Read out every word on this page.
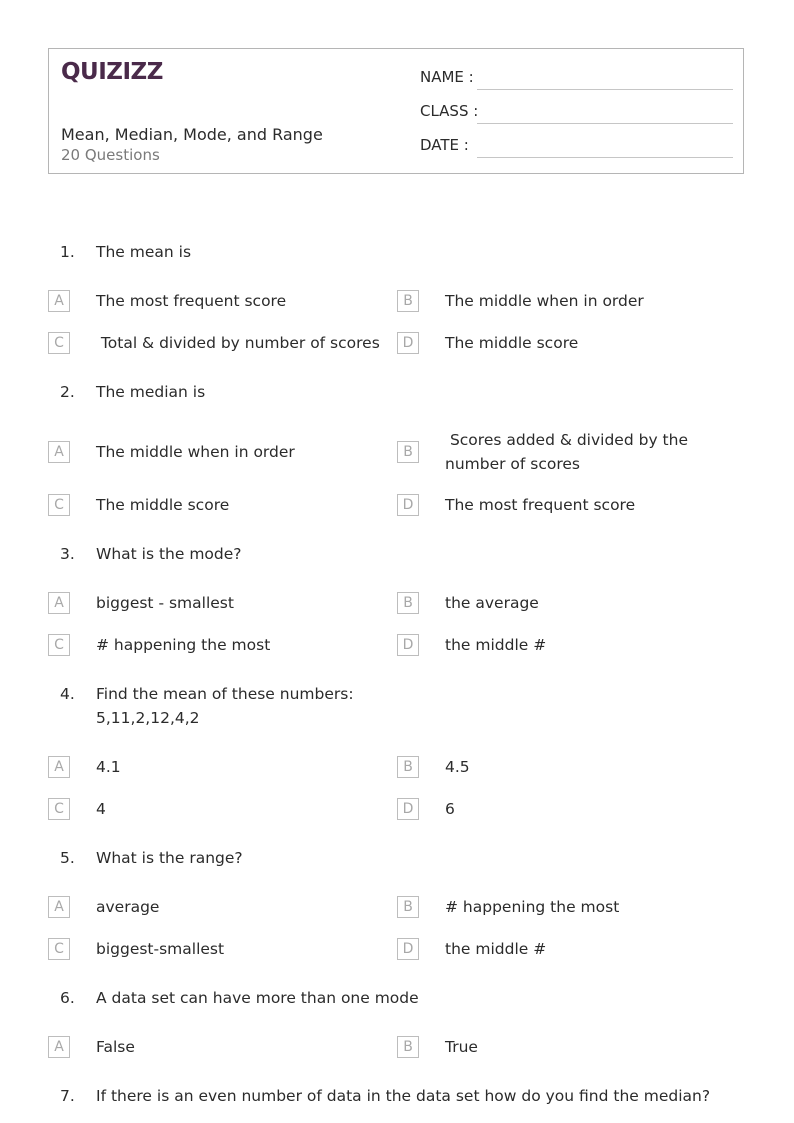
QUIZIZZ
Mean, Median, Mode, and Range
20 Questions
NAME :
CLASS :
DATE :
1. The mean is
A	The most frequent score	B	The middle when in order
C	Total & divided by number of scores	D	The middle score
2. The median is
A	The middle when in order	B
Scores added & divided by the number of scores
C	The middle score	D	The most frequent score
3. What is the mode?
A	biggest - smallest	B	the average
C	# happening the most	D	the middle #
4. Find the mean of these numbers:
5,11,2,12,4,2
A	4.1	B	4.5
C	4	D	6
5. What is the range?
A	average	B	# happening the most
C	biggest-smallest	D	the middle #
6. A data set can have more than one mode
A	False	B	True
7. If there is an even number of data in the data set how do you find the median?
